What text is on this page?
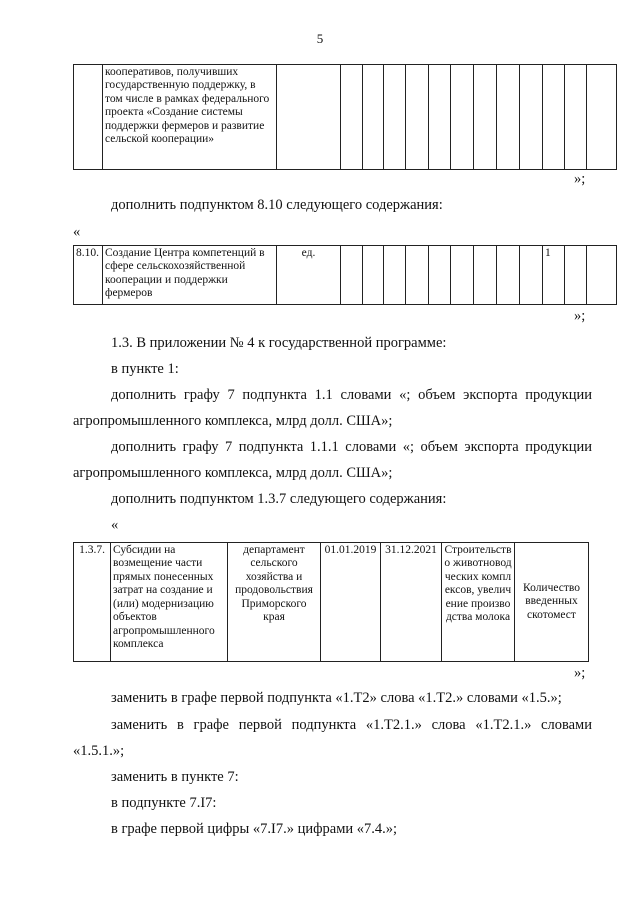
5
	кооперативов, получивших государственную поддержку, в том числе в рамках федерального проекта «Создание системы поддержки фермеров и развитие сельской кооперации»													
»;
дополнить подпунктом 8.10 следующего содержания:
«
8.10.	Создание Центра компетенций в сфере сельскохозяйственной кооперации и поддержки фермеров	ед.										1		
»;
1.3. В приложении № 4 к государственной программе:
в пункте 1:
дополнить графу 7 подпункта 1.1 словами «; объем экспорта продукции
агропромышленного комплекса, млрд долл. США»;
дополнить графу 7 подпункта 1.1.1 словами «; объем экспорта продукции
агропромышленного комплекса, млрд долл. США»;
дополнить подпунктом 1.3.7 следующего содержания:
«
1.3.7.	Субсидии на возмещение части прямых понесенных затрат на создание и (или) модернизацию объектов агропромышленного комплекса	департамент сельского хозяйства и продовольствия Приморского края	01.01.2019	31.12.2021	Строительство животноводческих комплексов, увеличение производства молока	Количество введенных скотомест
»;
заменить в графе первой подпункта «1.T2» слова «1.T2.» словами «1.5.»;
заменить в графе первой подпункта «1.T2.1.» слова «1.T2.1.» словами
«1.5.1.»;
заменить в пункте 7:
в подпункте 7.I7:
в графе первой цифры «7.I7.» цифрами «7.4.»;
